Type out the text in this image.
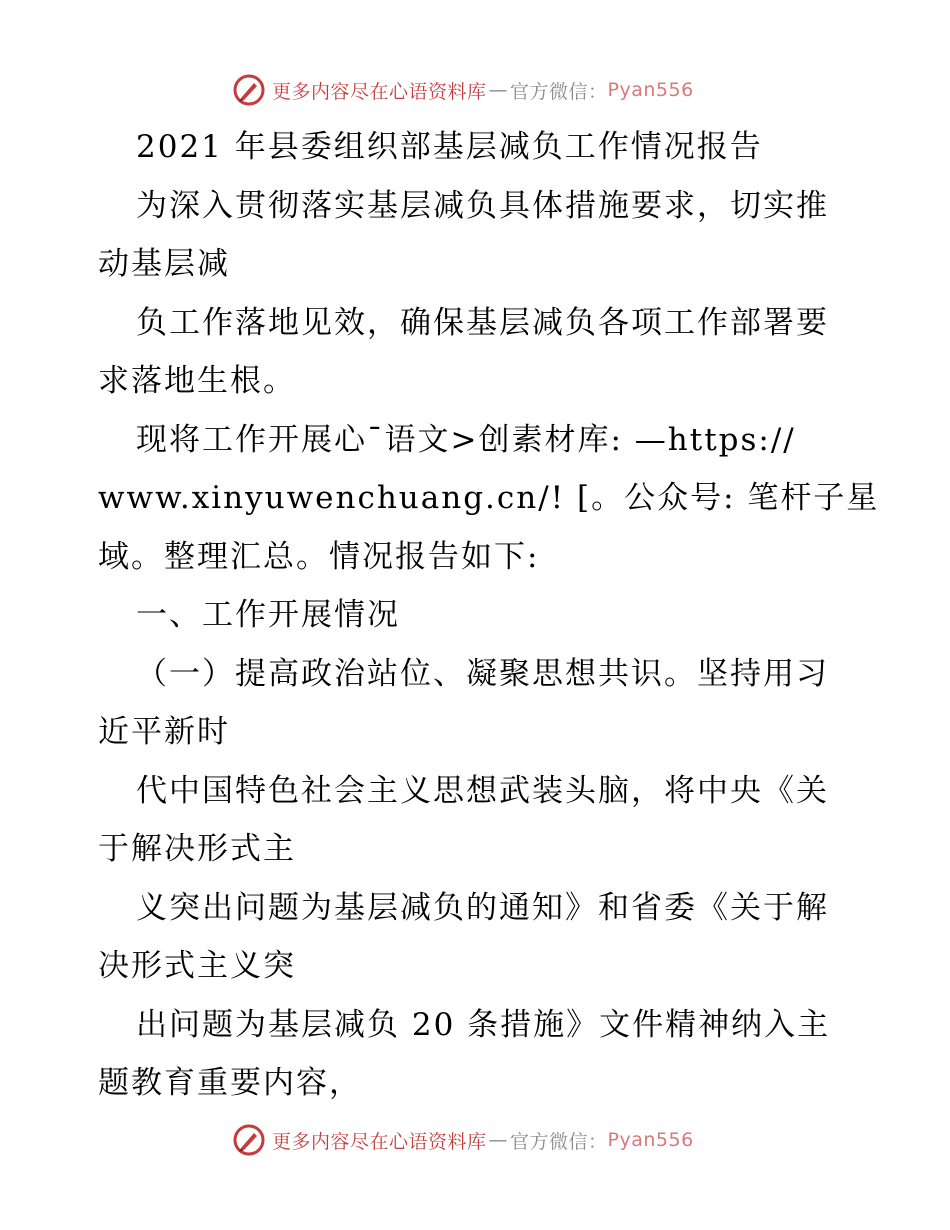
更多内容尽在心语资料库 — 官方微信： Pyan556
2021 年县委组织部基层减负工作情况报告
为深入贯彻落实基层减负具体措施要求，切实推
动基层减
负工作落地见效，确保基层减负各项工作部署要
求落地生根。
现将工作开展心¯语文>创素材库: —https://
www.xinyuwenchuang.cn/! [。公众号: 笔杆子星
域。整理汇总。情况报告如下:
一、工作开展情况
（一）提高政治站位、凝聚思想共识。坚持用习
近平新时
代中国特色社会主义思想武装头脑，将中央《关
于解决形式主
义突出问题为基层减负的通知》和省委《关于解
决形式主义突
出问题为基层减负 20 条措施》文件精神纳入主
题教育重要内容，
更多内容尽在心语资料库 — 官方微信： Pyan556
